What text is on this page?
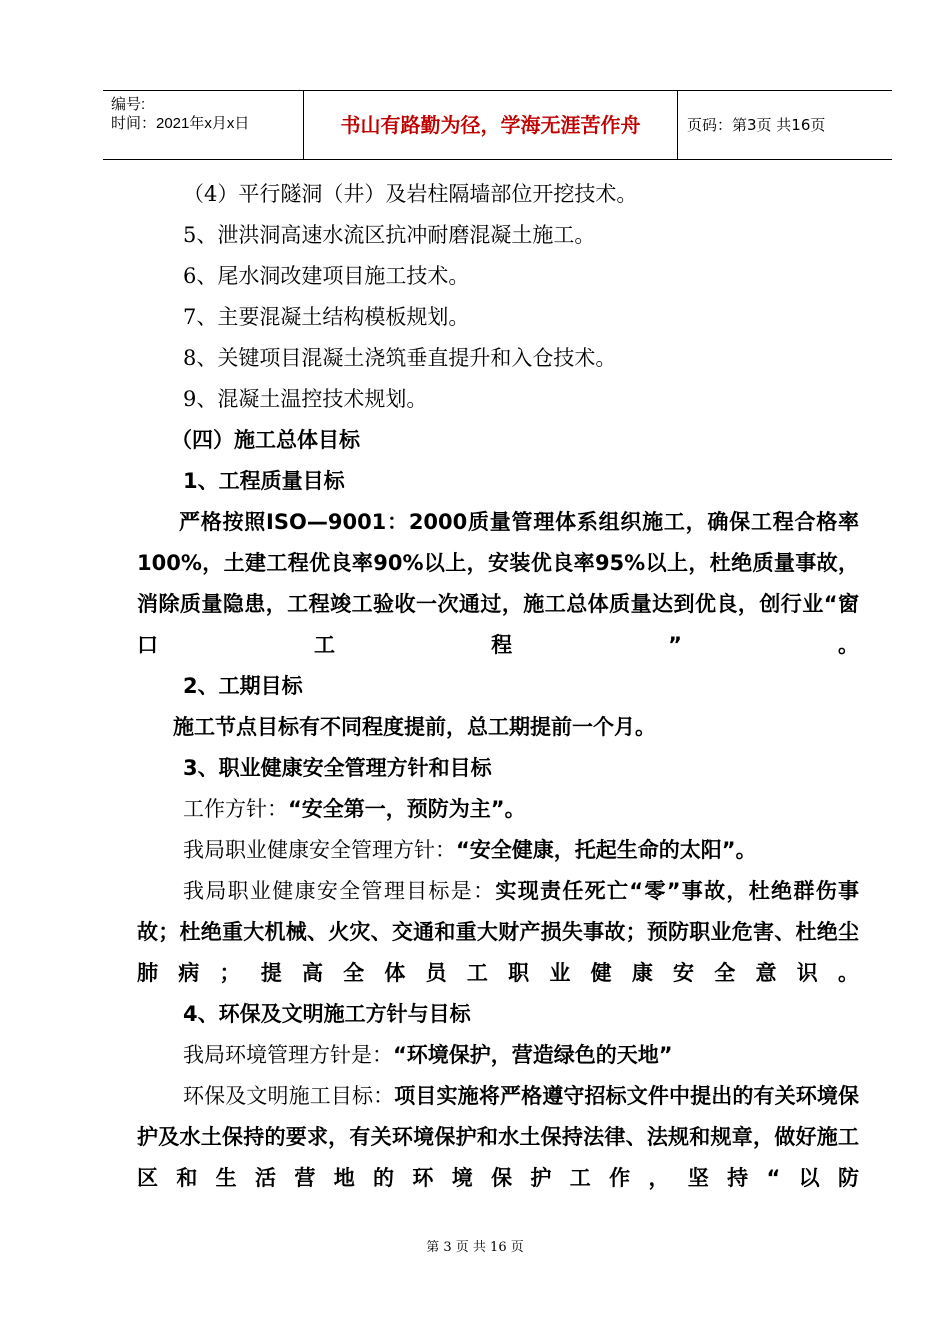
编号:
时间：2021年x月x日	书山有路勤为径，学海无涯苦作舟	页码：第3页 共16页

（4）平行隧洞（井）及岩柱隔墙部位开挖技术。

5、泄洪洞高速水流区抗冲耐磨混凝土施工。

6、尾水洞改建项目施工技术。

7、主要混凝土结构模板规划。

8、关键项目混凝土浇筑垂直提升和入仓技术。

9、混凝土温控技术规划。

（四）施工总体目标

1、工程质量目标

严格按照ISO—9001：2000质量管理体系组织施工，确保工程合格率100%，土建工程优良率90%以上，安装优良率95%以上，杜绝质量事故，消除质量隐患，工程竣工验收一次通过，施工总体质量达到优良，创行业“窗口工程”。

2、工期目标

施工节点目标有不同程度提前，总工期提前一个月。

3、职业健康安全管理方针和目标

工作方针：“安全第一，预防为主”。

我局职业健康安全管理方针：“安全健康，托起生命的太阳”。

我局职业健康安全管理目标是：实现责任死亡“零”事故，杜绝群伤事故；杜绝重大机械、火灾、交通和重大财产损失事故；预防职业危害、杜绝尘肺病；提高全体员工职业健康安全意识。

4、环保及文明施工方针与目标

我局环境管理方针是：“环境保护，营造绿色的天地”

环保及文明施工目标：项目实施将严格遵守招标文件中提出的有关环境保护及水土保持的要求，有关环境保护和水土保持法律、法规和规章，做好施工区和生活营地的环境保护工作，坚持“以防

第 3 页 共 16 页
